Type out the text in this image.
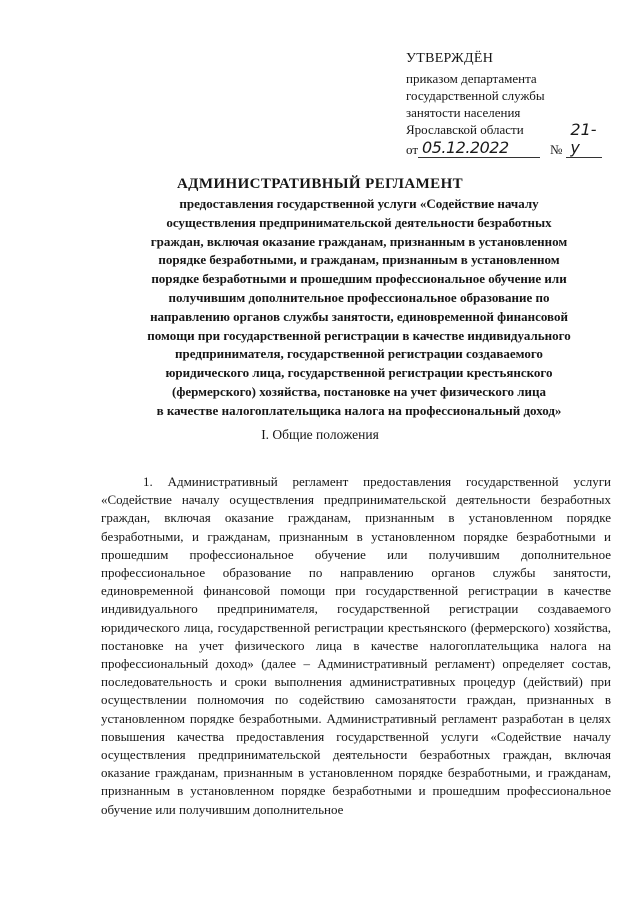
УТВЕРЖДЁН
приказом департамента
государственной службы
занятости населения
Ярославской области
от 05.12.2022	№
21-у
АДМИНИСТРАТИВНЫЙ РЕГЛАМЕНТ
предоставления государственной услуги «Содействие началу
осуществления предпринимательской деятельности безработных
граждан, включая оказание гражданам, признанным в установленном
порядке безработными, и гражданам, признанным в установленном
порядке безработными и прошедшим профессиональное обучение или
получившим дополнительное профессиональное образование по
направлению органов службы занятости, единовременной финансовой
помощи при государственной регистрации в качестве индивидуального
предпринимателя, государственной регистрации создаваемого
юридического лица, государственной регистрации крестьянского
(фермерского) хозяйства, постановке на учет физического лица
в качестве налогоплательщика налога на профессиональный доход»
I. Общие положения

1. Административный регламент предоставления государственной услуги «Содействие началу осуществления предпринимательской деятельности безработных граждан, включая оказание гражданам, признанным в установленном порядке безработными, и гражданам, признанным в установленном порядке безработными и прошедшим профессиональное обучение или получившим дополнительное профессиональное образование по направлению органов службы занятости, единовременной финансовой помощи при государственной регистрации в качестве индивидуального предпринимателя, государственной регистрации создаваемого юридического лица, государственной регистрации крестьянского (фермерского) хозяйства, постановке на учет физического лица в качестве налогоплательщика налога на профессиональный доход» (далее – Административный регламент) определяет состав, последовательность и сроки выполнения административных процедур (действий) при осуществлении полномочия по содействию самозанятости граждан, признанных в установленном порядке безработными. Административный регламент разработан в целях повышения качества предоставления государственной услуги «Содействие началу осуществления предпринимательской деятельности безработных граждан, включая оказание гражданам, признанным в установленном порядке безработными, и гражданам, признанным в установленном порядке безработными и прошедшим профессиональное обучение или получившим дополнительное
